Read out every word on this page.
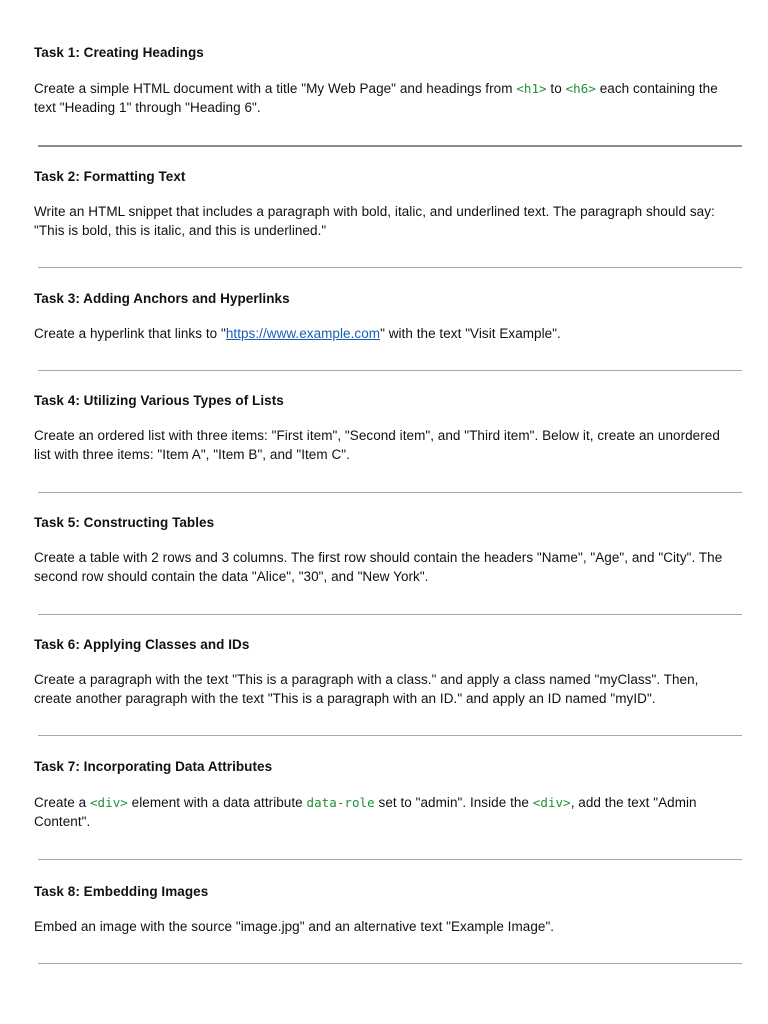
Task 1: Creating Headings

Create a simple HTML document with a title "My Web Page" and headings from <h1> to <h6> each containing the text "Heading 1" through "Heading 6".

Task 2: Formatting Text

Write an HTML snippet that includes a paragraph with bold, italic, and underlined text. The paragraph should say: "This is bold, this is italic, and this is underlined."

Task 3: Adding Anchors and Hyperlinks

Create a hyperlink that links to "https://www.example.com" with the text "Visit Example".

Task 4: Utilizing Various Types of Lists

Create an ordered list with three items: "First item", "Second item", and "Third item". Below it, create an unordered list with three items: "Item A", "Item B", and "Item C".

Task 5: Constructing Tables

Create a table with 2 rows and 3 columns. The first row should contain the headers "Name", "Age", and "City". The second row should contain the data "Alice", "30", and "New York".

Task 6: Applying Classes and IDs

Create a paragraph with the text "This is a paragraph with a class." and apply a class named "myClass". Then, create another paragraph with the text "This is a paragraph with an ID." and apply an ID named "myID".

Task 7: Incorporating Data Attributes

Create a <div> element with a data attribute data-role set to "admin". Inside the <div>, add the text "Admin Content".

Task 8: Embedding Images

Embed an image with the source "image.jpg" and an alternative text "Example Image".
